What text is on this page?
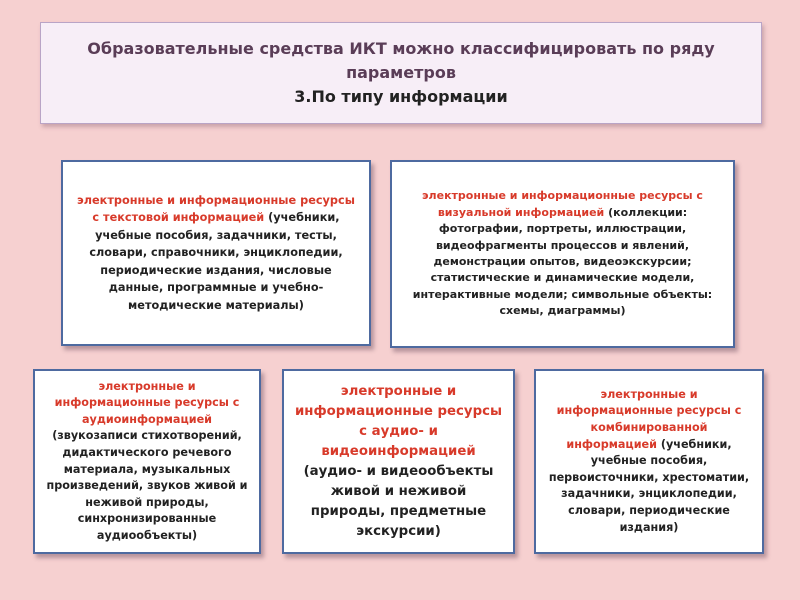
Образовательные средства ИКТ можно классифицировать по ряду параметров
3.По типу информации
электронные и информационные ресурсы с текстовой информацией (учебники, учебные пособия, задачники, тесты, словари, справочники, энциклопедии, периодические издания, числовые данные, программные и учебно-методические материалы)
электронные и информационные ресурсы с визуальной информацией (коллекции: фотографии, портреты, иллюстрации, видеофрагменты процессов и явлений, демонстрации опытов, видеоэкскурсии; статистические и динамические модели, интерактивные модели; символьные объекты: схемы, диаграммы)
электронные и информационные ресурсы с аудиоинформацией (звукозаписи стихотворений, дидактического речевого материала, музыкальных произведений, звуков живой и неживой природы, синхронизированные аудиообъекты)
электронные и информационные ресурсы с аудио- и видеоинформацией (аудио- и видеообъекты живой и неживой природы, предметные экскурсии)
электронные и информационные ресурсы с комбинированной информацией (учебники, учебные пособия, первоисточники, хрестоматии, задачники, энциклопедии, словари, периодические издания)
